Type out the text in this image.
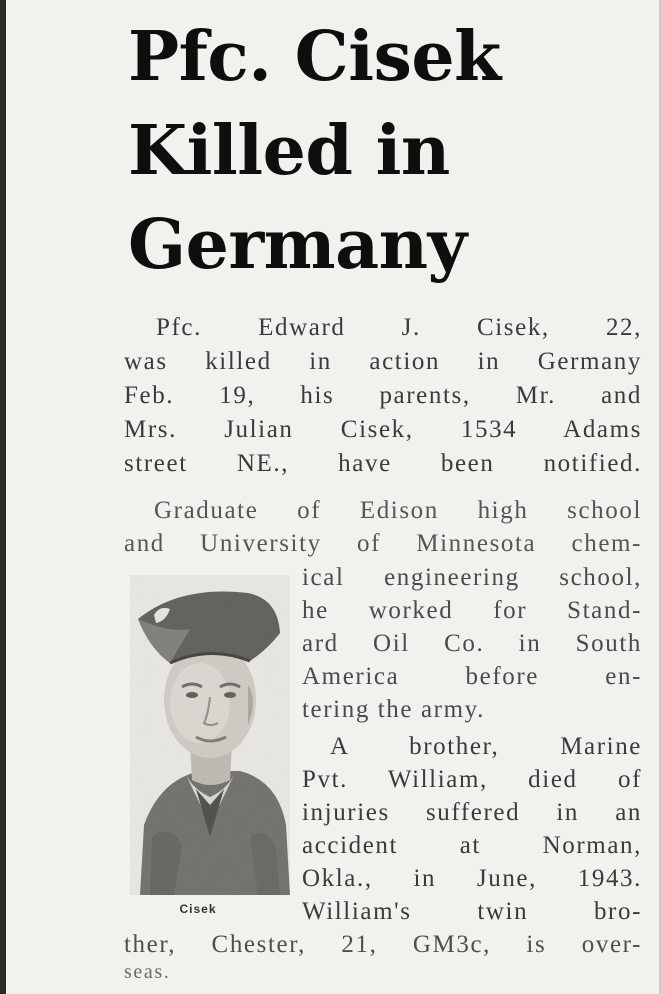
Pfc. Cisek
Killed in
Germany
Pfc. Edward J. Cisek, 22,
was killed in action in Germany
Feb. 19, his parents, Mr. and
Mrs. Julian Cisek, 1534 Adams
street NE., have been notified.
Graduate of Edison high school
and University of Minnesota chem-
ical engineering school,
he worked for Stand-
ard Oil Co. in South
America before en-
tering the army.
A brother, Marine
Pvt. William, died of
injuries suffered in an
accident at Norman,
Okla., in June, 1943.
William's twin bro-
ther, Chester, 21, GM3c, is over-
seas.
Cisek
